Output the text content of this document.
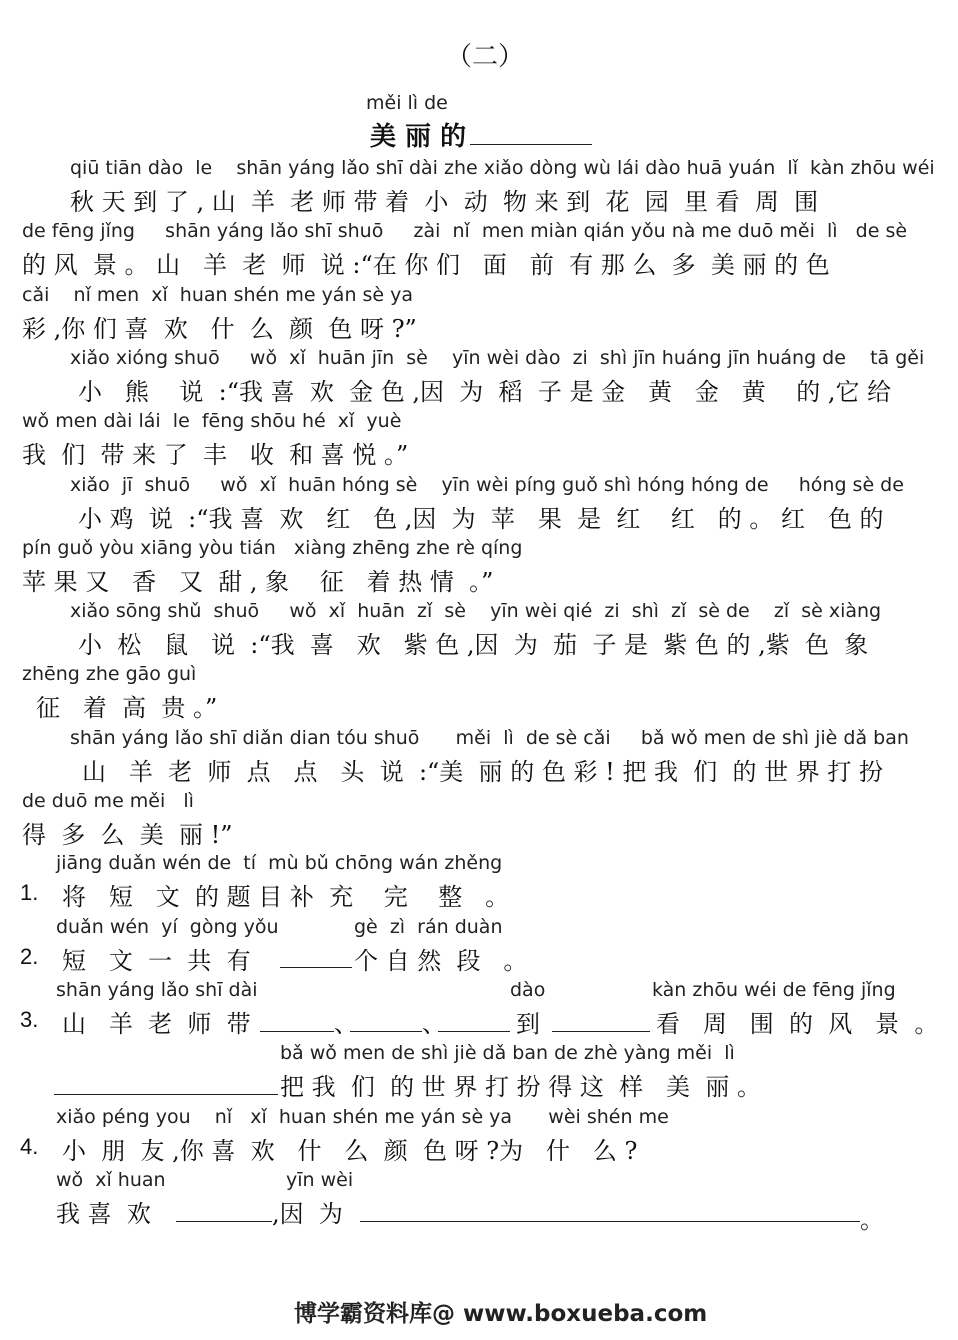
（二）
měi lì de
美 丽 的
qiū tiān dào  le    shān yáng lǎo shī dài zhe xiǎo dòng wù lái dào huā yuán  lǐ  kàn zhōu wéi
秋 天 到 了 , 山  羊  老 师 带 着  小  动  物 来 到  花  园  里 看  周  围
de fēng jǐng     shān yáng lǎo shī shuō     zài  nǐ  men miàn qián yǒu nà me duō měi  lì   de sè
的 风  景 。 山   羊  老  师  说 :“在 你 们   面   前  有 那 么  多  美 丽 的 色
cǎi    nǐ men  xǐ  huan shén me yán sè ya
彩 ,你 们 喜  欢   什  么  颜  色 呀 ?”
xiǎo xióng shuō     wǒ  xǐ  huān jīn  sè    yīn wèi dào  zi  shì jīn huáng jīn huáng de    tā gěi
小   熊    说  :“我 喜  欢  金 色 ,因  为  稻  子 是 金   黄   金   黄    的 ,它 给
wǒ men dài lái  le  fēng shōu hé  xǐ  yuè
我  们  带 来 了  丰   收  和 喜 悦 。”
xiǎo  jī  shuō     wǒ  xǐ  huān hóng sè    yīn wèi píng guǒ shì hóng hóng de     hóng sè de
小 鸡  说  :“我 喜  欢   红   色 ,因  为  苹   果  是  红    红   的 。 红   色 的
pín guǒ yòu xiāng yòu tián   xiàng zhēng zhe rè qíng
苹 果 又   香   又  甜 , 象    征   着 热 情  。”
xiǎo sōng shǔ  shuō     wǒ  xǐ  huān  zǐ  sè    yīn wèi qié  zi  shì  zǐ  sè de    zǐ  sè xiàng
小  松   鼠   说  :“我  喜   欢   紫 色 ,因  为  茄  子 是  紫 色 的 ,紫  色  象
zhēng zhe gāo guì
征   着  高  贵 。”
shān yáng lǎo shī diǎn dian tóu shuō      měi  lì  de sè cǎi     bǎ wǒ men de shì jiè dǎ ban
山   羊  老  师  点   点   头  说  :“美  丽 的 色 彩 ! 把 我  们  的 世 界 打 扮
de duō me měi   lì
得  多  么  美  丽 !”
jiāng duǎn wén de  tí  mù bǔ chōng wán zhěng
1. 将   短   文  的 题 目 补  充    完    整   。
duǎn wén  yí  gòng yǒu	gè  zì  rán duàn
2. 短   文  一  共  有	个 自 然  段   。
shān yáng lǎo shī dài	dào	kàn zhōu wéi de fēng jǐng
3. 山   羊  老  师  带	、	、	到	看   周   围  的  风   景  。
bǎ wǒ men de shì jiè dǎ ban de zhè yàng měi  lì
把 我  们  的 世 界 打 扮 得 这  样   美  丽 。
xiǎo péng you    nǐ   xǐ  huan shén me yán sè ya      wèi shén me
4. 小  朋  友 ,你 喜  欢   什   么  颜  色 呀 ?为   什   么 ?
wǒ  xǐ huan	yīn wèi
我 喜  欢	,因  为	。
博学霸资料库@ www.boxueba.com
